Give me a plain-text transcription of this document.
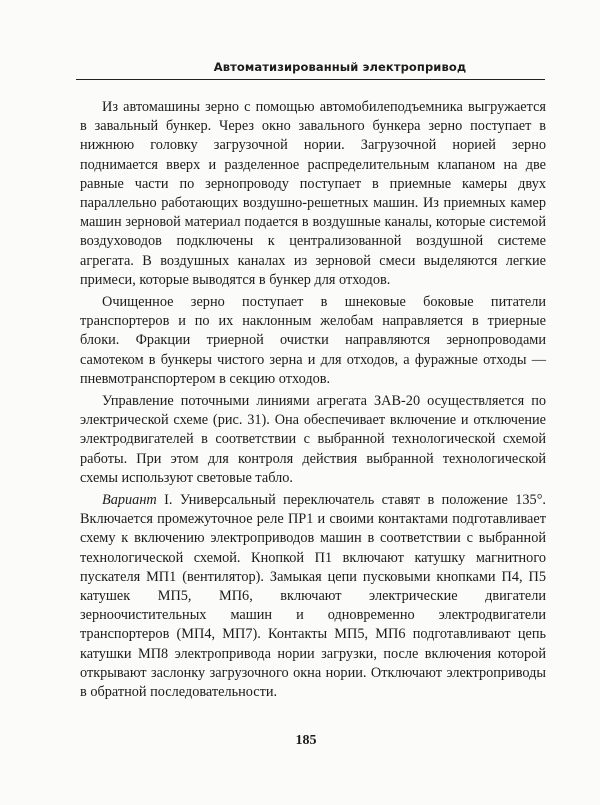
Автоматизированный электропривод

Из автомашины зерно с помощью автомобилеподъемника выгружается в завальный бункер. Через окно завального бункера зерно поступает в нижнюю головку загрузочной нории. Загрузочной норией зерно поднимается вверх и разделенное распределительным клапаном на две равные части по зернопроводу поступает в приемные камеры двух параллельно работающих воздушно-решетных машин. Из приемных камер машин зерновой материал подается в воздушные каналы, которые системой воздуховодов подключены к централизованной воздушной системе агрегата. В воздушных каналах из зерновой смеси выделяются легкие примеси, которые выводятся в бункер для отходов.

Очищенное зерно поступает в шнековые боковые питатели транспортеров и по их наклонным желобам направляется в триерные блоки. Фракции триерной очистки направляются зернопроводами самотеком в бункеры чистого зерна и для отходов, а фуражные отходы — пневмотранспортером в секцию отходов.

Управление поточными линиями агрегата ЗАВ-20 осуществляется по электрической схеме (рис. 31). Она обеспечивает включение и отключение электродвигателей в соответствии с выбранной технологической схемой работы. При этом для контроля действия выбранной технологической схемы используют световые табло.

Вариант I. Универсальный переключатель ставят в положение 135°. Включается промежуточное реле ПР1 и своими контактами подготавливает схему к включению электроприводов машин в соответствии с выбранной технологической схемой. Кнопкой П1 включают катушку магнитного пускателя МП1 (вентилятор). Замыкая цепи пусковыми кнопками П4, П5 катушек МП5, МП6, включают электрические двигатели зерноочистительных машин и одновременно электродвигатели транспортеров (МП4, МП7). Контакты МП5, МП6 подготавливают цепь катушки МП8 электропривода нории загрузки, после включения которой открывают заслонку загрузочного окна нории. Отключают электроприводы в обратной последовательности.

185
